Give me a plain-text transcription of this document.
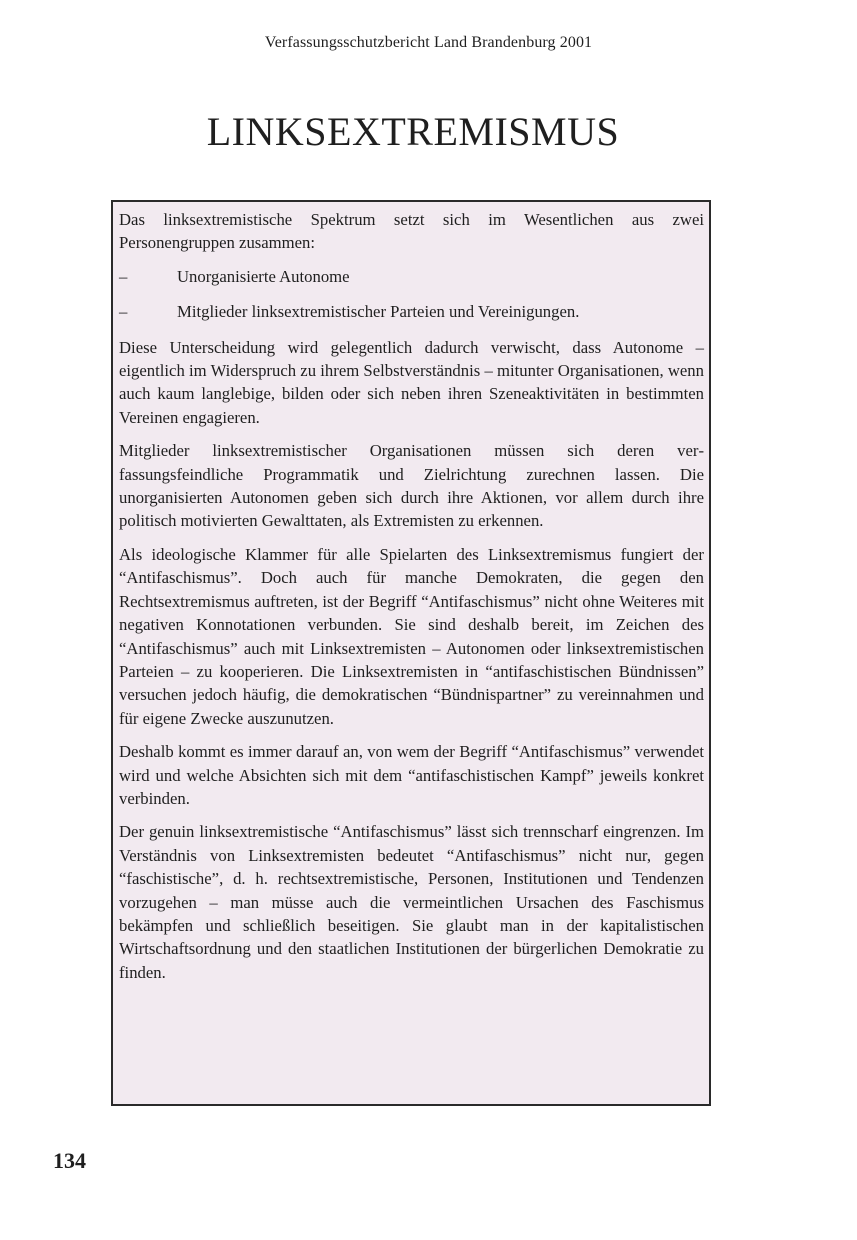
Verfassungsschutzbericht Land Brandenburg 2001
LINKSEXTREMISMUS

Das linksextremistische Spektrum setzt sich im Wesentlichen aus zwei Personengruppen zusammen:

–	Unorganisierte Autonome
–	Mitglieder linksextremistischer Parteien und Vereinigungen.

Diese Unterscheidung wird gelegentlich dadurch verwischt, dass Autonome – eigentlich im Widerspruch zu ihrem Selbstverständnis – mitunter Organisationen, wenn auch kaum langlebige, bilden oder sich neben ihren Szeneaktivitäten in bestimmten Vereinen engagieren.

Mitglieder linksextremistischer Organisationen müssen sich deren verfassungsfeindliche Programmatik und Zielrichtung zurechnen lassen. Die unorganisierten Autonomen geben sich durch ihre Aktionen, vor allem durch ihre politisch motivierten Gewalttaten, als Extremisten zu erkennen.

Als ideologische Klammer für alle Spielarten des Linksextremismus fungiert der “Antifaschismus”. Doch auch für manche Demokraten, die gegen den Rechtsextremismus auftreten, ist der Begriff “Antifaschismus” nicht ohne Weiteres mit negativen Konnotationen verbunden. Sie sind deshalb bereit, im Zeichen des “Antifaschismus” auch mit Linksextremisten – Autonomen oder linksextremistischen Parteien – zu kooperieren. Die Linksextremisten in “antifaschistischen Bündnissen” versuchen jedoch häufig, die demokratischen “Bündnispartner” zu vereinnahmen und für eigene Zwecke auszunutzen.

Deshalb kommt es immer darauf an, von wem der Begriff “Antifaschismus” verwendet wird und welche Absichten sich mit dem “antifaschistischen Kampf” jeweils konkret verbinden.

Der genuin linksextremistische “Antifaschismus” lässt sich trennscharf eingrenzen. Im Verständnis von Linksextremisten bedeutet “Antifaschismus” nicht nur, gegen “faschistische”, d. h. rechtsextremistische, Personen, Institutionen und Tendenzen vorzugehen – man müsse auch die vermeintlichen Ursachen des Faschismus bekämpfen und schließlich beseitigen. Sie glaubt man in der kapitalistischen Wirtschaftsordnung und den staatlichen Institutionen der bürgerlichen Demokratie zu finden.

134
